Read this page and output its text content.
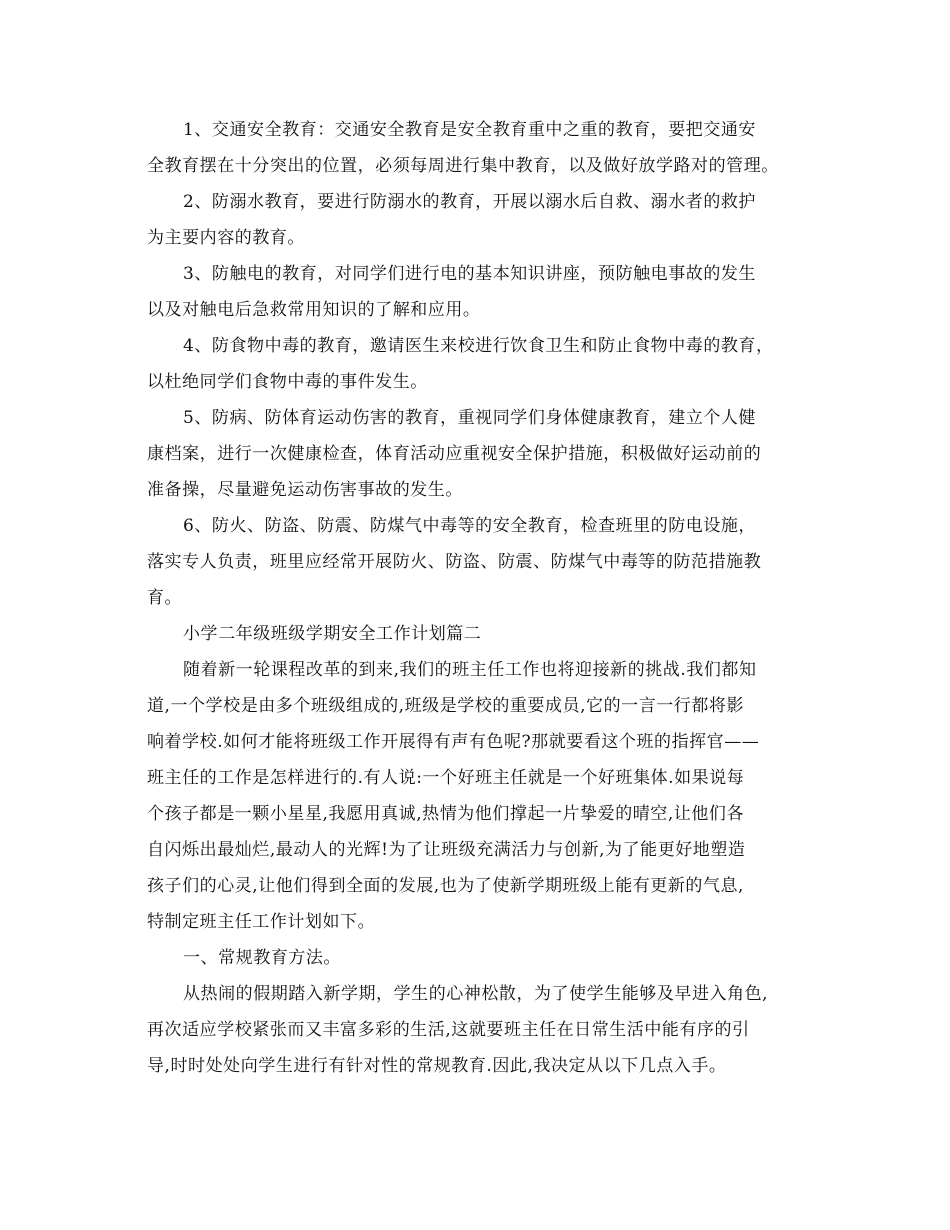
1、交通安全教育：交通安全教育是安全教育重中之重的教育，要把交通安
全教育摆在十分突出的位置，必须每周进行集中教育，以及做好放学路对的管理。
2、防溺水教育，要进行防溺水的教育，开展以溺水后自救、溺水者的救护
为主要内容的教育。
3、防触电的教育，对同学们进行电的基本知识讲座，预防触电事故的发生
以及对触电后急救常用知识的了解和应用。
4、防食物中毒的教育，邀请医生来校进行饮食卫生和防止食物中毒的教育，
以杜绝同学们食物中毒的事件发生。
5、防病、防体育运动伤害的教育，重视同学们身体健康教育，建立个人健
康档案，进行一次健康检查，体育活动应重视安全保护措施，积极做好运动前的
准备操，尽量避免运动伤害事故的发生。
6、防火、防盗、防震、防煤气中毒等的安全教育，检查班里的防电设施，
落实专人负责，班里应经常开展防火、防盗、防震、防煤气中毒等的防范措施教
育。
小学二年级班级学期安全工作计划篇二
随着新一轮课程改革的到来,我们的班主任工作也将迎接新的挑战.我们都知
道,一个学校是由多个班级组成的,班级是学校的重要成员,它的一言一行都将影
响着学校.如何才能将班级工作开展得有声有色呢?那就要看这个班的指挥官——
班主任的工作是怎样进行的.有人说:一个好班主任就是一个好班集体.如果说每
个孩子都是一颗小星星,我愿用真诚,热情为他们撑起一片挚爱的晴空,让他们各
自闪烁出最灿烂,最动人的光辉!为了让班级充满活力与创新,为了能更好地塑造
孩子们的心灵,让他们得到全面的发展,也为了使新学期班级上能有更新的气息,
特制定班主任工作计划如下。
一、常规教育方法。
从热闹的假期踏入新学期，学生的心神松散，为了使学生能够及早进入角色,
再次适应学校紧张而又丰富多彩的生活,这就要班主任在日常生活中能有序的引
导,时时处处向学生进行有针对性的常规教育.因此,我决定从以下几点入手。
